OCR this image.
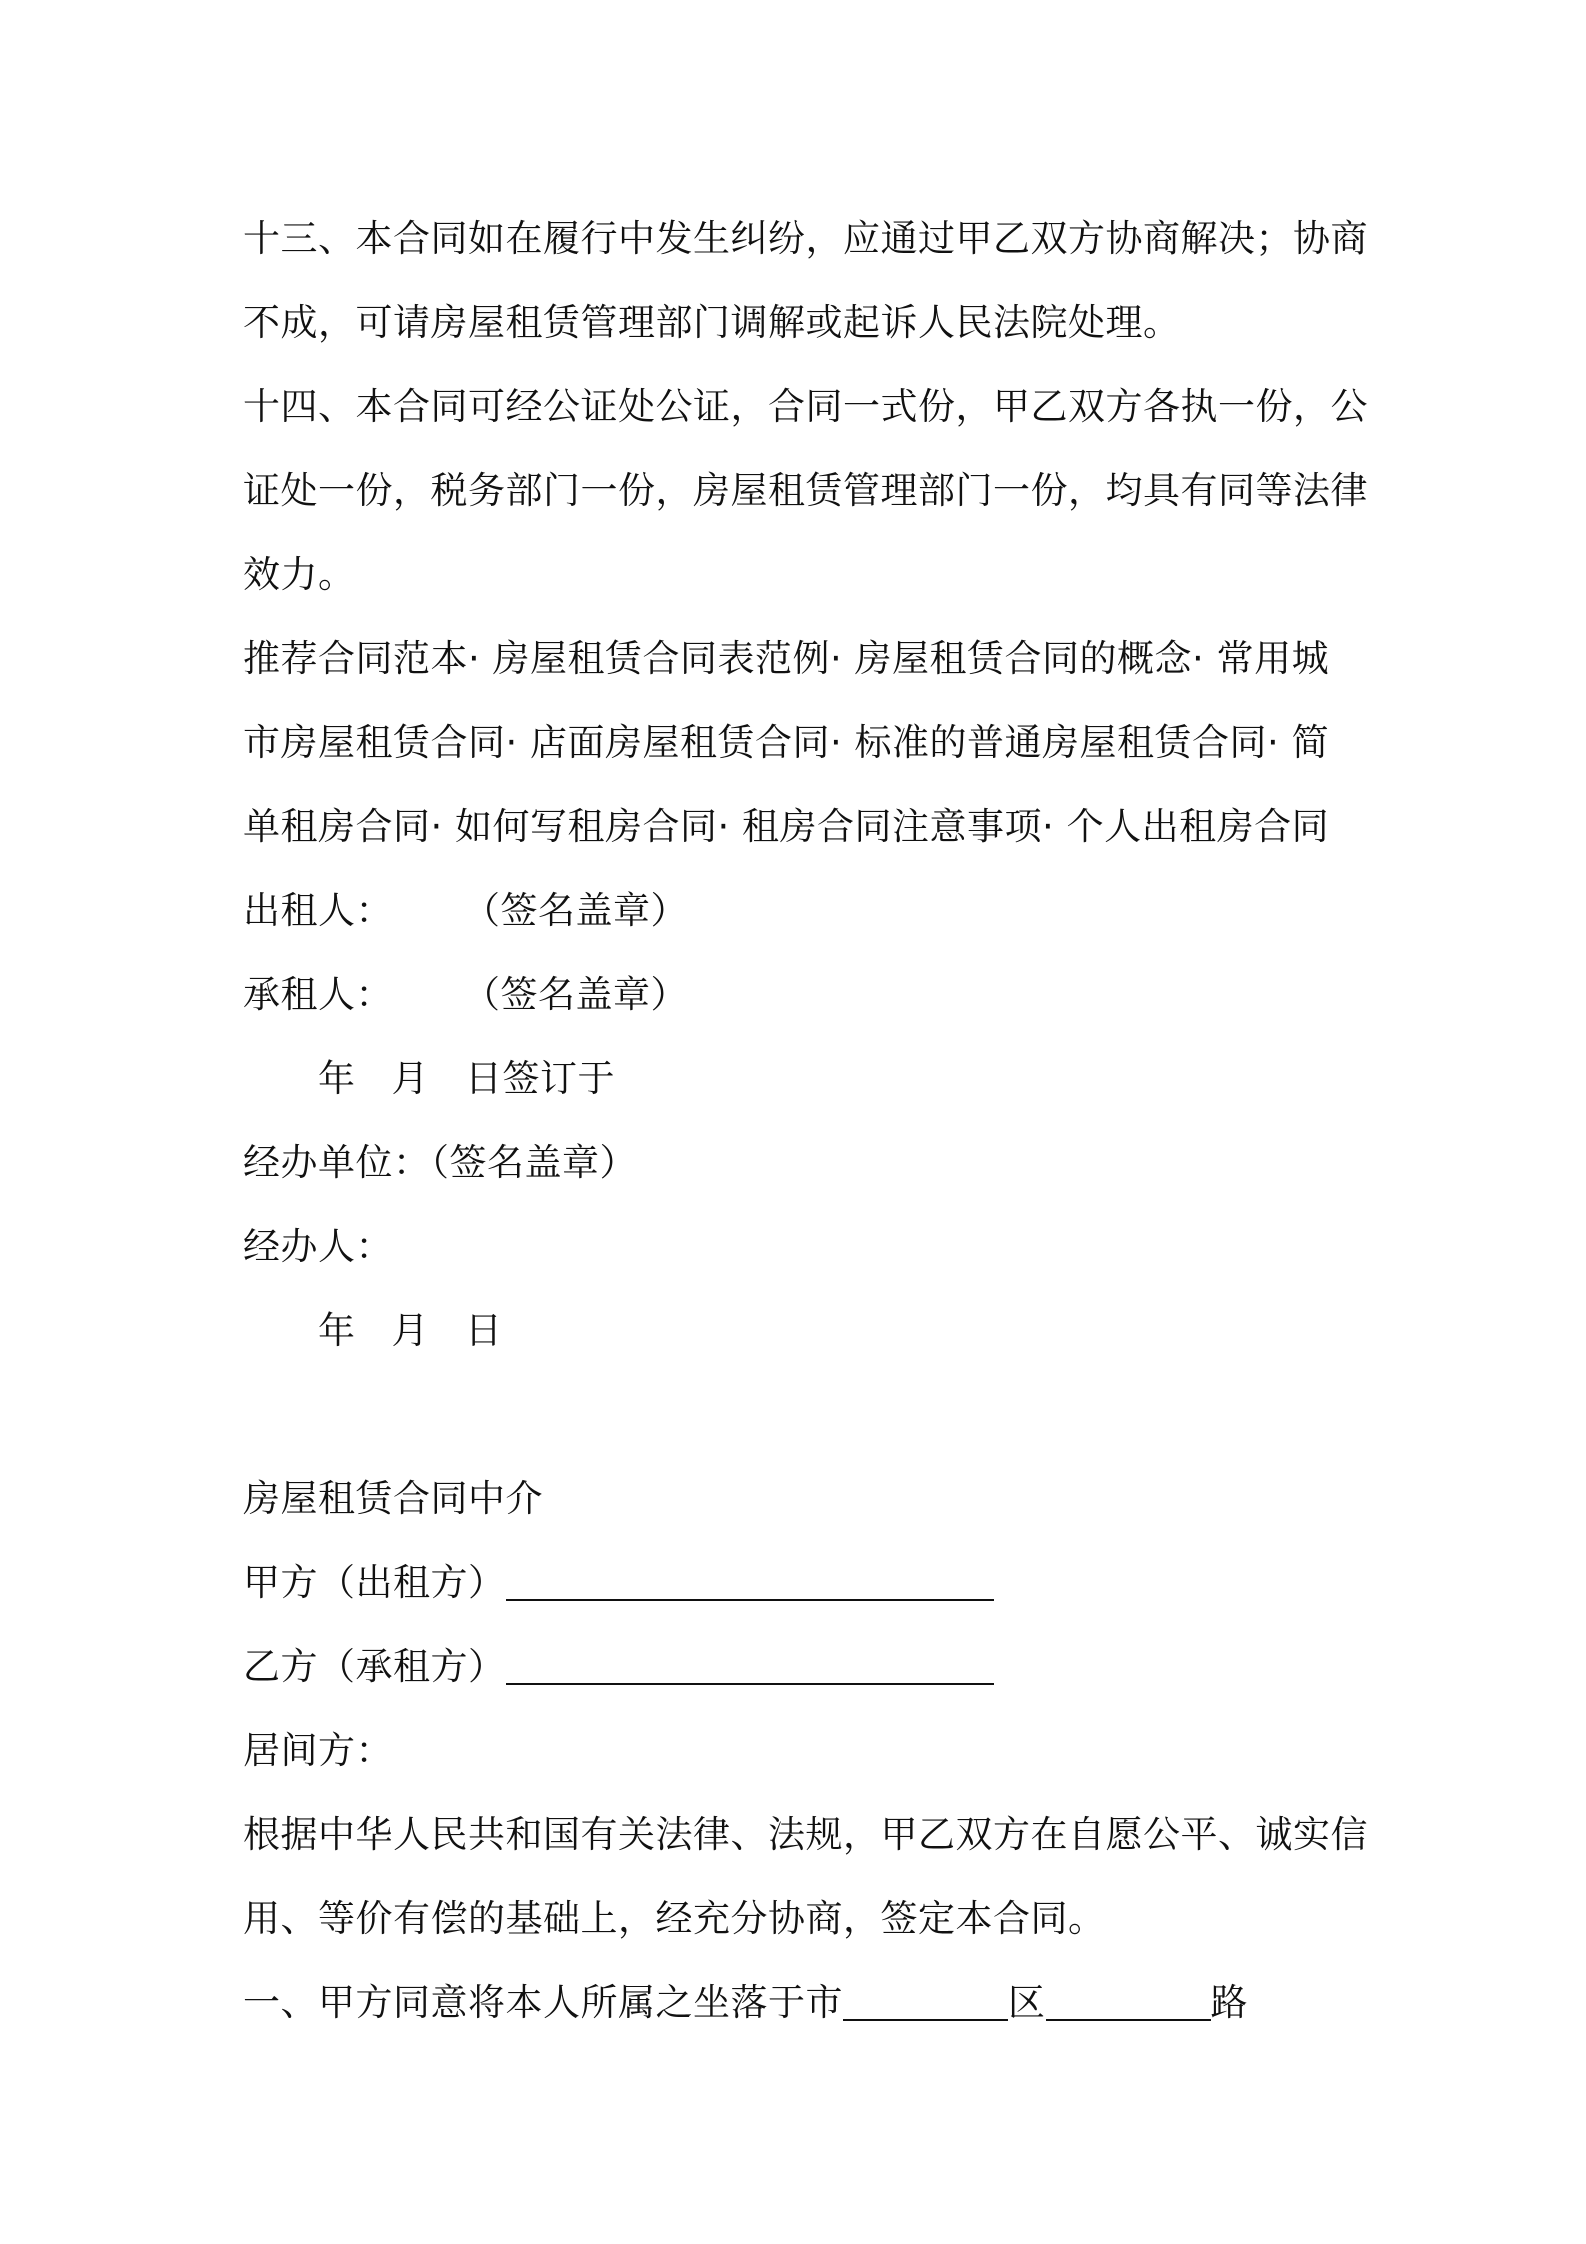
十三、本合同如在履行中发生纠纷，应通过甲乙双方协商解决；协商
不成，可请房屋租赁管理部门调解或起诉人民法院处理。
十四、本合同可经公证处公证，合同一式份，甲乙双方各执一份，公
证处一份，税务部门一份，房屋租赁管理部门一份，均具有同等法律
效力。
推荐合同范本· 房屋租赁合同表范例· 房屋租赁合同的概念· 常用城
市房屋租赁合同· 店面房屋租赁合同· 标准的普通房屋租赁合同· 简
单租房合同· 如何写租房合同· 租房合同注意事项· 个人出租房合同
出租人： （签名盖章）
承租人： （签名盖章）
年 月 日签订于
经办单位：（签名盖章）
经办人：
年 月 日
房屋租赁合同中介
甲方（出租方）
乙方（承租方）
居间方：
根据中华人民共和国有关法律、法规，甲乙双方在自愿公平、诚实信
用、等价有偿的基础上，经充分协商，签定本合同。
一、甲方同意将本人所属之坐落于市	区	路
